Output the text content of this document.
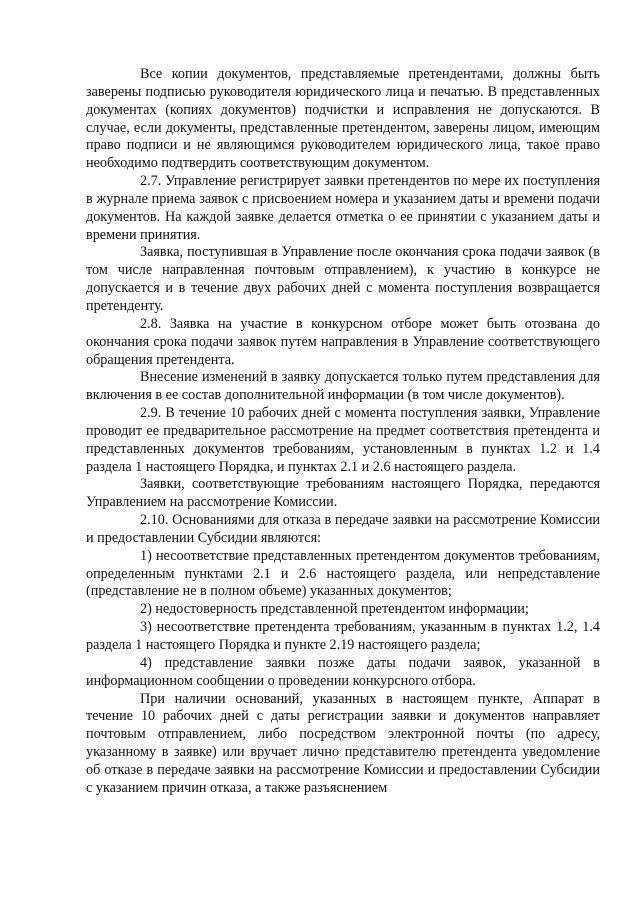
Все копии документов, представляемые претендентами, должны быть заверены подписью руководителя юридического лица и печатью. В представленных документах (копиях документов) подчистки и исправления не допускаются. В случае, если документы, представленные претендентом, заверены лицом, имеющим право подписи и не являющимся руководителем юридического лица, такое право необходимо подтвердить соответствующим документом.

2.7. Управление регистрирует заявки претендентов по мере их поступления в журнале приема заявок с присвоением номера и указанием даты и времени подачи документов. На каждой заявке делается отметка о ее принятии с указанием даты и времени принятия.

Заявка, поступившая в Управление после окончания срока подачи заявок (в том числе направленная почтовым отправлением), к участию в конкурсе не допускается и в течение двух рабочих дней с момента поступления возвращается претенденту.

2.8. Заявка на участие в конкурсном отборе может быть отозвана до окончания срока подачи заявок путем направления в Управление соответствующего обращения претендента.

Внесение изменений в заявку допускается только путем представления для включения в ее состав дополнительной информации (в том числе документов).

2.9. В течение 10 рабочих дней с момента поступления заявки, Управление проводит ее предварительное рассмотрение на предмет соответствия претендента и представленных документов требованиям, установленным в пунктах 1.2 и 1.4 раздела 1 настоящего Порядка, и пунктах 2.1 и 2.6 настоящего раздела.

Заявки, соответствующие требованиям настоящего Порядка, передаются Управлением на рассмотрение Комиссии.

2.10. Основаниями для отказа в передаче заявки на рассмотрение Комиссии и предоставлении Субсидии являются:

1) несоответствие представленных претендентом документов требованиям, определенным пунктами 2.1 и 2.6 настоящего раздела, или непредставление (представление не в полном объеме) указанных документов;

2) недостоверность представленной претендентом информации;

3) несоответствие претендента требованиям, указанным в пунктах 1.2, 1.4 раздела 1 настоящего Порядка и пункте 2.19 настоящего раздела;

4) представление заявки позже даты подачи заявок, указанной в информационном сообщении о проведении конкурсного отбора.

При наличии оснований, указанных в настоящем пункте, Аппарат в течение 10 рабочих дней с даты регистрации заявки и документов направляет почтовым отправлением, либо посредством электронной почты (по адресу, указанному в заявке) или вручает лично представителю претендента уведомление об отказе в передаче заявки на рассмотрение Комиссии и предоставлении Субсидии с указанием причин отказа, а также разъяснением
